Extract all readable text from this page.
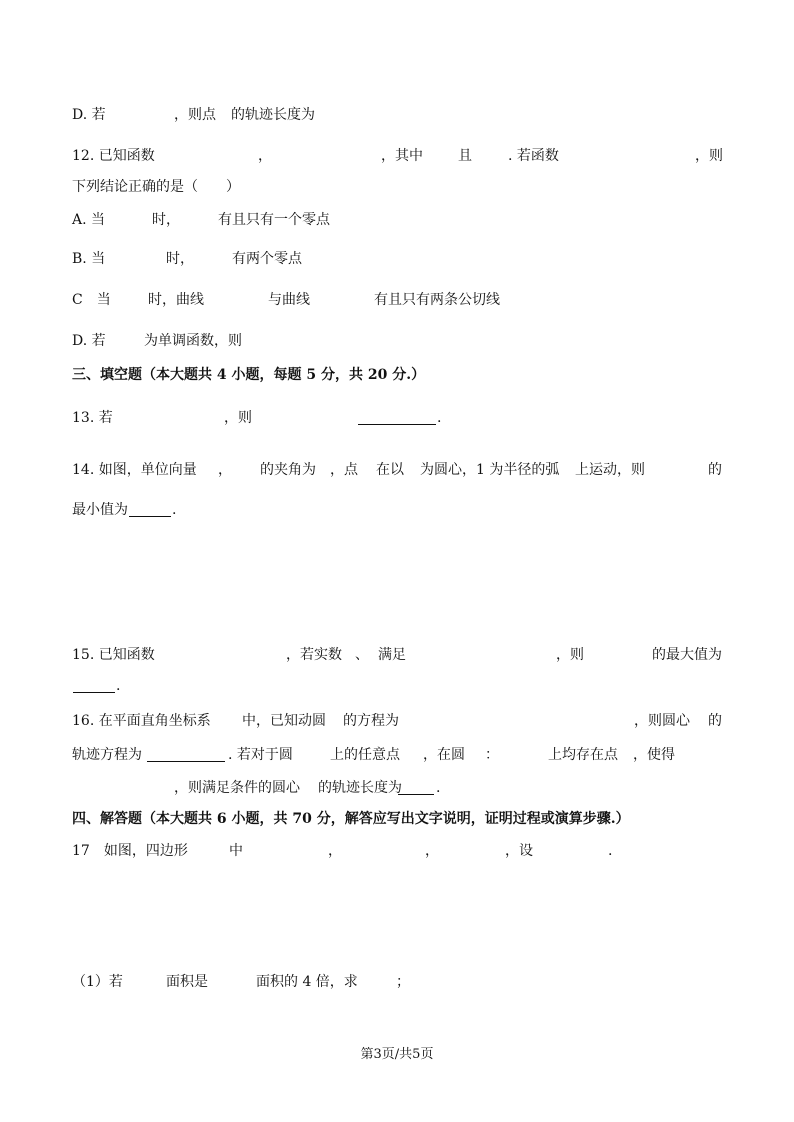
D. 若	，则点 的轨迹长度为
12. 已知函数	，	，其中	且	. 若函数	，则
下列结论正确的是（　　）
A. 当	时，	有且只有一个零点
B. 当	时，	有两个零点
C　当	时，曲线	与曲线	有且只有两条公切线
D. 若	为单调函数，则
三、填空题（本大题共 4 小题，每题 5 分，共 20 分.）
13. 若	，则	.
14. 如图，单位向量 ， 的夹角为 ，点 在以 为圆心，1 为半径的弧 上运动，则	的
最小值为	.
15. 已知函数	，若实数 、 满足	，则	的最大值为
.
16. 在平面直角坐标系 中，已知动圆 的方程为	，则圆心 的
轨迹方程为	. 若对于圆	上的任意点 ，在圆 ：	上均存在点 ，使得
，则满足条件的圆心 的轨迹长度为 .
四、解答题（本大题共 6 小题，共 70 分，解答应写出文字说明，证明过程或演算步骤.）
17　如图，四边形	中	，	，	，设	.
（1）若	面积是	面积的 4 倍，求	；
第3页/共5页
